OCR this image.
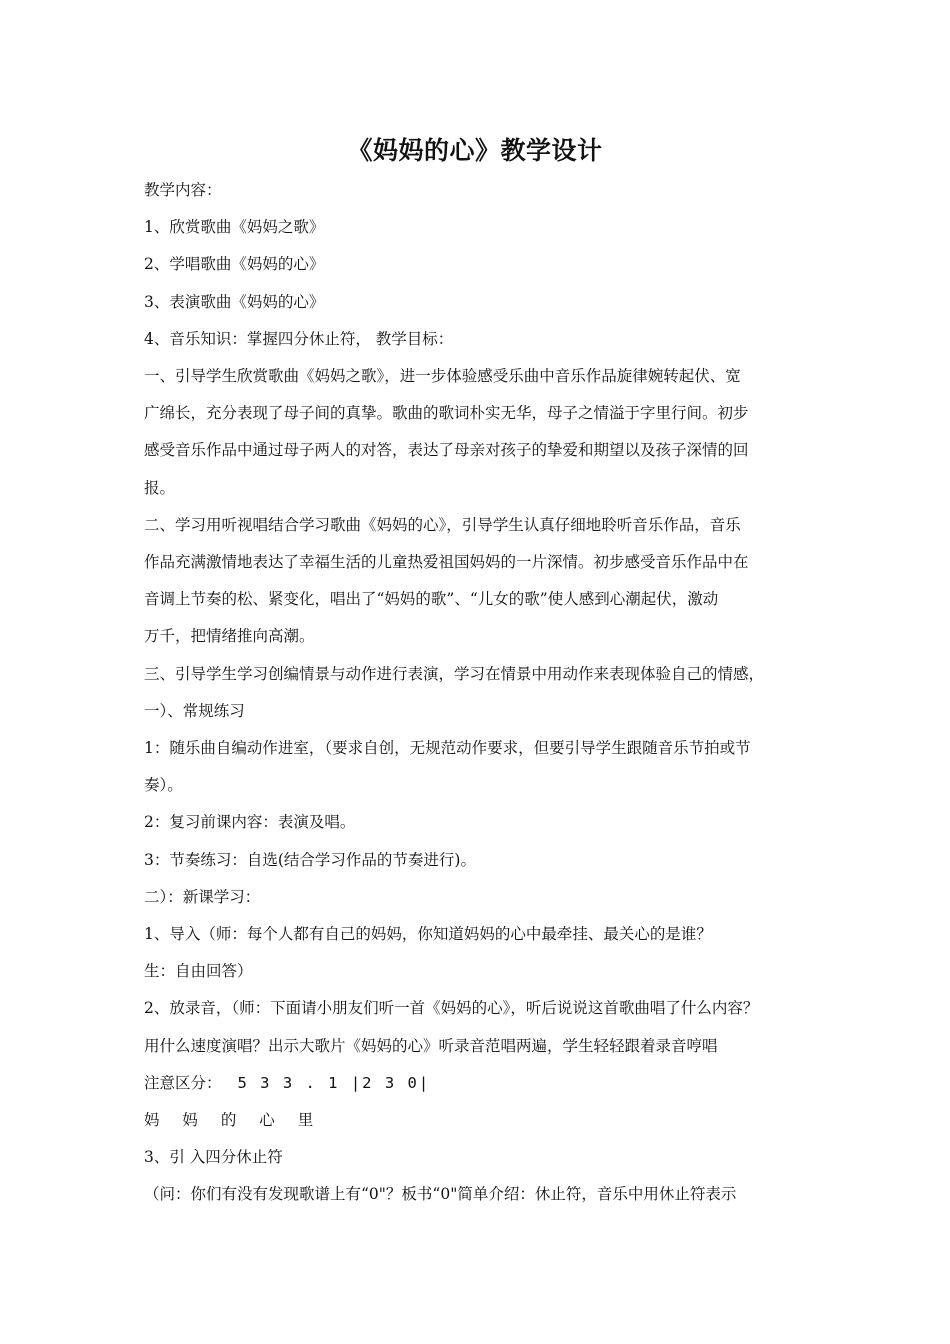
《妈妈的心》教学设计

教学内容：

1、欣赏歌曲《妈妈之歌》

2、学唱歌曲《妈妈的心》

3、表演歌曲《妈妈的心》

4、音乐知识：掌握四分休止符， 教学目标：

一、引导学生欣赏歌曲《妈妈之歌》，进一步体验感受乐曲中音乐作品旋律婉转起伏、宽

广绵长，充分表现了母子间的真挚。歌曲的歌词朴实无华，母子之情溢于字里行间。初步

感受音乐作品中通过母子两人的对答，表达了母亲对孩子的挚爱和期望以及孩子深情的回

报。

二、学习用听视唱结合学习歌曲《妈妈的心》，引导学生认真仔细地聆听音乐作品，音乐

作品充满激情地表达了幸福生活的儿童热爱祖国妈妈的一片深情。初步感受音乐作品中在

音调上节奏的松、紧变化，唱出了“妈妈的歌”、“儿女的歌”使人感到心潮起伏，激动

万千，把情绪推向高潮。

三、引导学生学习创编情景与动作进行表演，学习在情景中用动作来表现体验自己的情感，

一）、常规练习

1：随乐曲自编动作进室，（要求自创，无规范动作要求，但要引导学生跟随音乐节拍或节

奏）。

2：复习前课内容：表演及唱。

3：节奏练习：自选(结合学习作品的节奏进行)。

二）：新课学习：

1、导入（师：每个人都有自己的妈妈，你知道妈妈的心中最牵挂、最关心的是谁？

生：自由回答）

2、放录音，（师：下面请小朋友们听一首《妈妈的心》，听后说说这首歌曲唱了什么内容？

用什么速度演唱？出示大歌片《妈妈的心》听录音范唱两遍，学生轻轻跟着录音哼唱

注意区分： 5 3 3 . 1 |2 3 0|

妈 妈 的 心 里

3、引 入四分休止符

（问：你们有没有发现歌谱上有“0"？板书“0"简单介绍：休止符，音乐中用休止符表示
